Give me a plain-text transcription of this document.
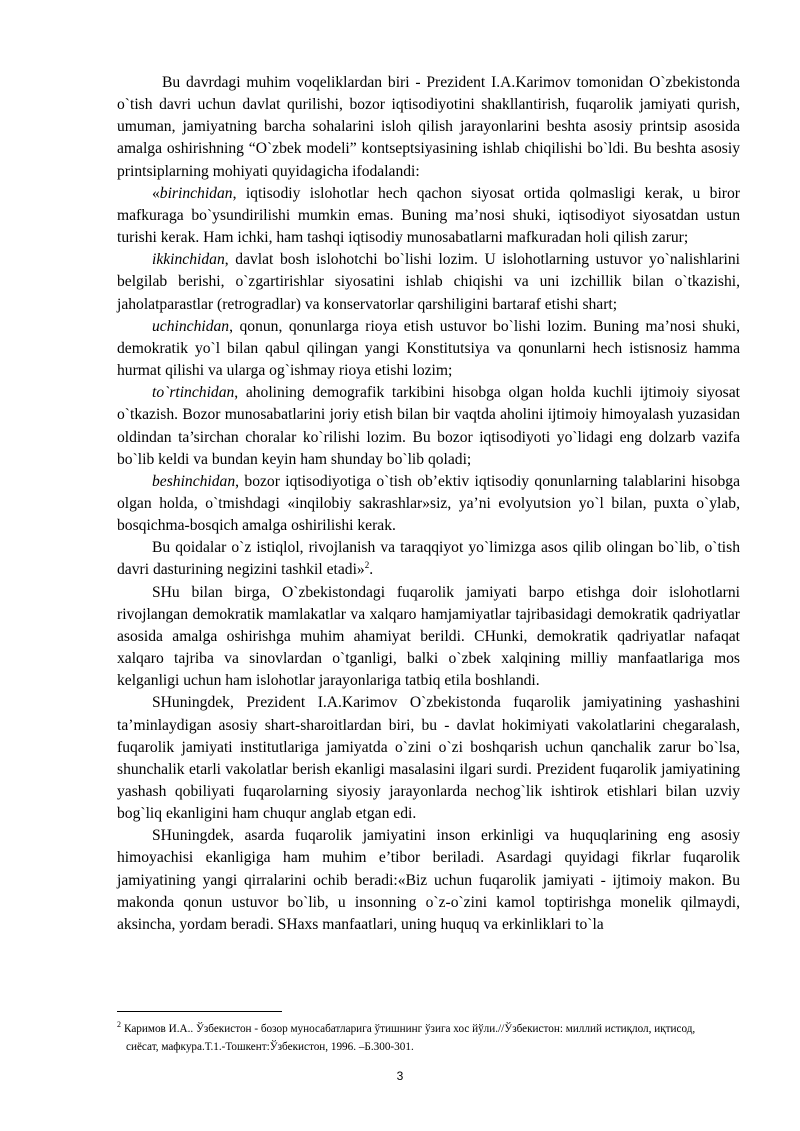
Bu davrdagi muhim voqeliklardan biri - Prezident I.A.Karimov tomonidan O`zbekistonda o`tish davri uchun davlat qurilishi, bozor iqtisodiyotini shakllantirish, fuqarolik jamiyati qurish, umuman, jamiyatning barcha sohalarini isloh qilish jarayonlarini beshta asosiy printsip asosida amalga oshirishning “O`zbek modeli” kontseptsiyasining ishlab chiqilishi bo`ldi. Bu beshta asosiy printsiplarning mohiyati quyidagicha ifodalandi:

«birinchidan, iqtisodiy islohotlar hech qachon siyosat ortida qolmasligi kerak, u biror mafkuraga bo`ysundirilishi mumkin emas. Buning ma’nosi shuki, iqtisodiyot siyosatdan ustun turishi kerak. Ham ichki, ham tashqi iqtisodiy munosabatlarni mafkuradan holi qilish zarur;

ikkinchidan, davlat bosh islohotchi bo`lishi lozim. U islohotlarning ustuvor yo`nalishlarini belgilab berishi, o`zgartirishlar siyosatini ishlab chiqishi va uni izchillik bilan o`tkazishi, jaholatparastlar (retrogradlar) va konservatorlar qarshiligini bartaraf etishi shart;

uchinchidan, qonun, qonunlarga rioya etish ustuvor bo`lishi lozim. Buning ma’nosi shuki, demokratik yo`l bilan qabul qilingan yangi Konstitutsiya va qonunlarni hech istisnosiz hamma hurmat qilishi va ularga og`ishmay rioya etishi lozim;

to`rtinchidan, aholining demografik tarkibini hisobga olgan holda kuchli ijtimoiy siyosat o`tkazish. Bozor munosabatlarini joriy etish bilan bir vaqtda aholini ijtimoiy himoyalash yuzasidan oldindan ta’sirchan choralar ko`rilishi lozim. Bu bozor iqtisodiyoti yo`lidagi eng dolzarb vazifa bo`lib keldi va bundan keyin ham shunday bo`lib qoladi;

beshinchidan, bozor iqtisodiyotiga o`tish ob’ektiv iqtisodiy qonunlarning talablarini hisobga olgan holda, o`tmishdagi «inqilobiy sakrashlar»siz, ya’ni evolyutsion yo`l bilan, puxta o`ylab, bosqichma-bosqich amalga oshirilishi kerak.

Bu qoidalar o`z istiqlol, rivojlanish va taraqqiyot yo`limizga asos qilib olingan bo`lib, o`tish davri dasturining negizini tashkil etadi»$^2$.

SHu bilan birga, O`zbekistondagi fuqarolik jamiyati barpo etishga doir islohotlarni rivojlangan demokratik mamlakatlar va xalqaro hamjamiyatlar tajribasidagi demokratik qadriyatlar asosida amalga oshirishga muhim ahamiyat berildi. CHunki, demokratik qadriyatlar nafaqat xalqaro tajriba va sinovlardan o`tganligi, balki o`zbek xalqining milliy manfaatlariga mos kelganligi uchun ham islohotlar jarayonlariga tatbiq etila boshlandi.

SHuningdek, Prezident I.A.Karimov O`zbekistonda fuqarolik jamiyatining yashashini ta’minlaydigan asosiy shart-sharoitlardan biri, bu - davlat hokimiyati vakolatlarini chegaralash, fuqarolik jamiyati institutlariga jamiyatda o`zini o`zi boshqarish uchun qanchalik zarur bo`lsa, shunchalik etarli vakolatlar berish ekanligi masalasini ilgari surdi. Prezident fuqarolik jamiyatining yashash qobiliyati fuqarolarning siyosiy jarayonlarda nechog`lik ishtirok etishlari bilan uzviy bog`liq ekanligini ham chuqur anglab etgan edi.

SHuningdek, asarda fuqarolik jamiyatini inson erkinligi va huquqlarining eng asosiy himoyachisi ekanligiga ham muhim e’tibor beriladi. Asardagi quyidagi fikrlar fuqarolik jamiyatining yangi qirralarini ochib beradi:«Biz uchun fuqarolik jamiyati - ijtimoiy makon. Bu makonda qonun ustuvor bo`lib, u insonning o`z-o`zini kamol toptirishga monelik qilmaydi, aksincha, yordam beradi. SHaxs manfaatlari, uning huquq va erkinliklari to`la

$^2$ Каримов И.А.. Ўзбекистон - бозор муносабатларига ўтишнинг ўзига хос йўли.//Ўзбекистон: миллий истиқлол, иқтисод,
сиёсат, мафкура.Т.1.-Тошкент:Ўзбекистон, 1996. –Б.300-301.
3
